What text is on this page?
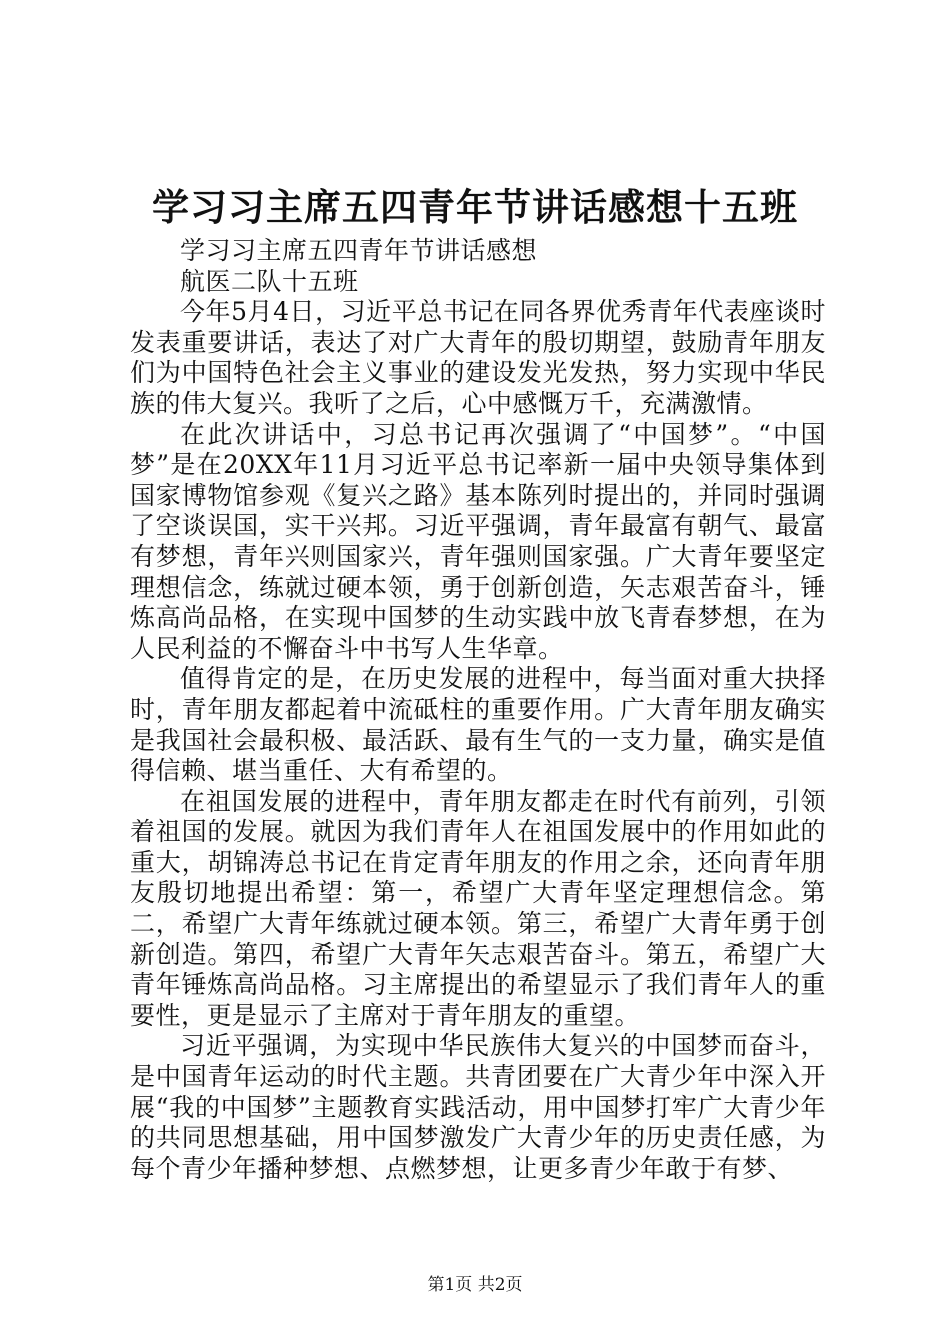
学习习主席五四青年节讲话感想十五班

学习习主席五四青年节讲话感想

航医二队十五班

今年5月4日，习近平总书记在同各界优秀青年代表座谈时发表重要讲话，表达了对广大青年的殷切期望，鼓励青年朋友们为中国特色社会主义事业的建设发光发热，努力实现中华民族的伟大复兴。我听了之后，心中感慨万千，充满激情。

在此次讲话中，习总书记再次强调了“中国梦”。“中国梦”是在20XX年11月习近平总书记率新一届中央领导集体到国家博物馆参观《复兴之路》基本陈列时提出的，并同时强调了空谈误国，实干兴邦。习近平强调，青年最富有朝气、最富有梦想，青年兴则国家兴，青年强则国家强。广大青年要坚定理想信念，练就过硬本领，勇于创新创造，矢志艰苦奋斗，锤炼高尚品格，在实现中国梦的生动实践中放飞青春梦想，在为人民利益的不懈奋斗中书写人生华章。

值得肯定的是，在历史发展的进程中，每当面对重大抉择时，青年朋友都起着中流砥柱的重要作用。广大青年朋友确实是我国社会最积极、最活跃、最有生气的一支力量，确实是值得信赖、堪当重任、大有希望的。

在祖国发展的进程中，青年朋友都走在时代有前列，引领着祖国的发展。就因为我们青年人在祖国发展中的作用如此的重大，胡锦涛总书记在肯定青年朋友的作用之余，还向青年朋友殷切地提出希望：第一，希望广大青年坚定理想信念。第二，希望广大青年练就过硬本领。第三，希望广大青年勇于创新创造。第四，希望广大青年矢志艰苦奋斗。第五，希望广大青年锤炼高尚品格。习主席提出的希望显示了我们青年人的重要性，更是显示了主席对于青年朋友的重望。

习近平强调，为实现中华民族伟大复兴的中国梦而奋斗，是中国青年运动的时代主题。共青团要在广大青少年中深入开展“我的中国梦”主题教育实践活动，用中国梦打牢广大青少年的共同思想基础，用中国梦激发广大青少年的历史责任感，为每个青少年播种梦想、点燃梦想，让更多青少年敢于有梦、

第1页 共2页
